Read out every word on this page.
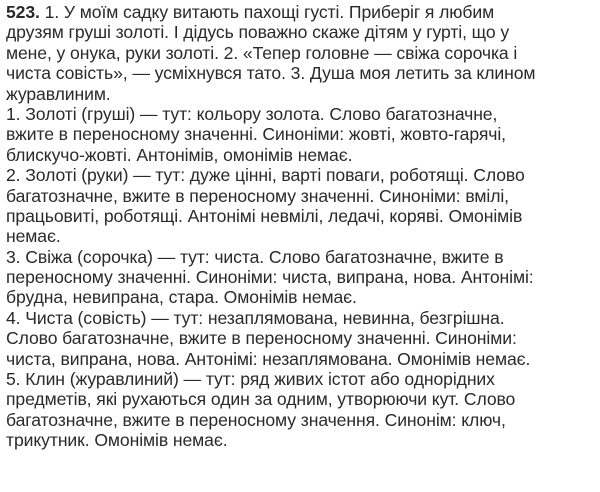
523. 1. У моїм садку витають пахощі густі. Приберіг я любим
друзям груші золоті. І дідусь поважно скаже дітям у гурті, що у
мене, у онука, руки золоті. 2. «Тепер головне — свіжа сорочка і
чиста совість», — усміхнувся тато. 3. Душа моя летить за клином
журавлиним.
1. Золоті (груші) — тут: кольору золота. Слово багатозначне,
вжите в переносному значенні. Синоніми: жовті, жовто-гарячі,
блискучо-жовті. Антонімів, омонімів немає.
2. Золоті (руки) — тут: дуже цінні, варті поваги, роботящі. Слово
багатозначне, вжите в переносному значенні. Синоніми: вмілі,
працьовиті, роботящі. Антонімі невмілі, ледачі, коряві. Омонімів
немає.
3. Свіжа (сорочка) — тут: чиста. Слово багатозначне, вжите в
переносному значенні. Синоніми: чиста, випрана, нова. Антонімі:
брудна, невипрана, стара. Омонімів немає.
4. Чиста (совість) — тут: незаплямована, невинна, безгрішна.
Слово багатозначне, вжите в переносному значенні. Синоніми:
чиста, випрана, нова. Антонімі: незаплямована. Омонімів немає.
5. Клин (журавлиний) — тут: ряд живих істот або однорідних
предметів, які рухаються один за одним, утворюючи кут. Слово
багатозначне, вжите в переносному значення. Синонім: ключ,
трикутник. Омонімів немає.
